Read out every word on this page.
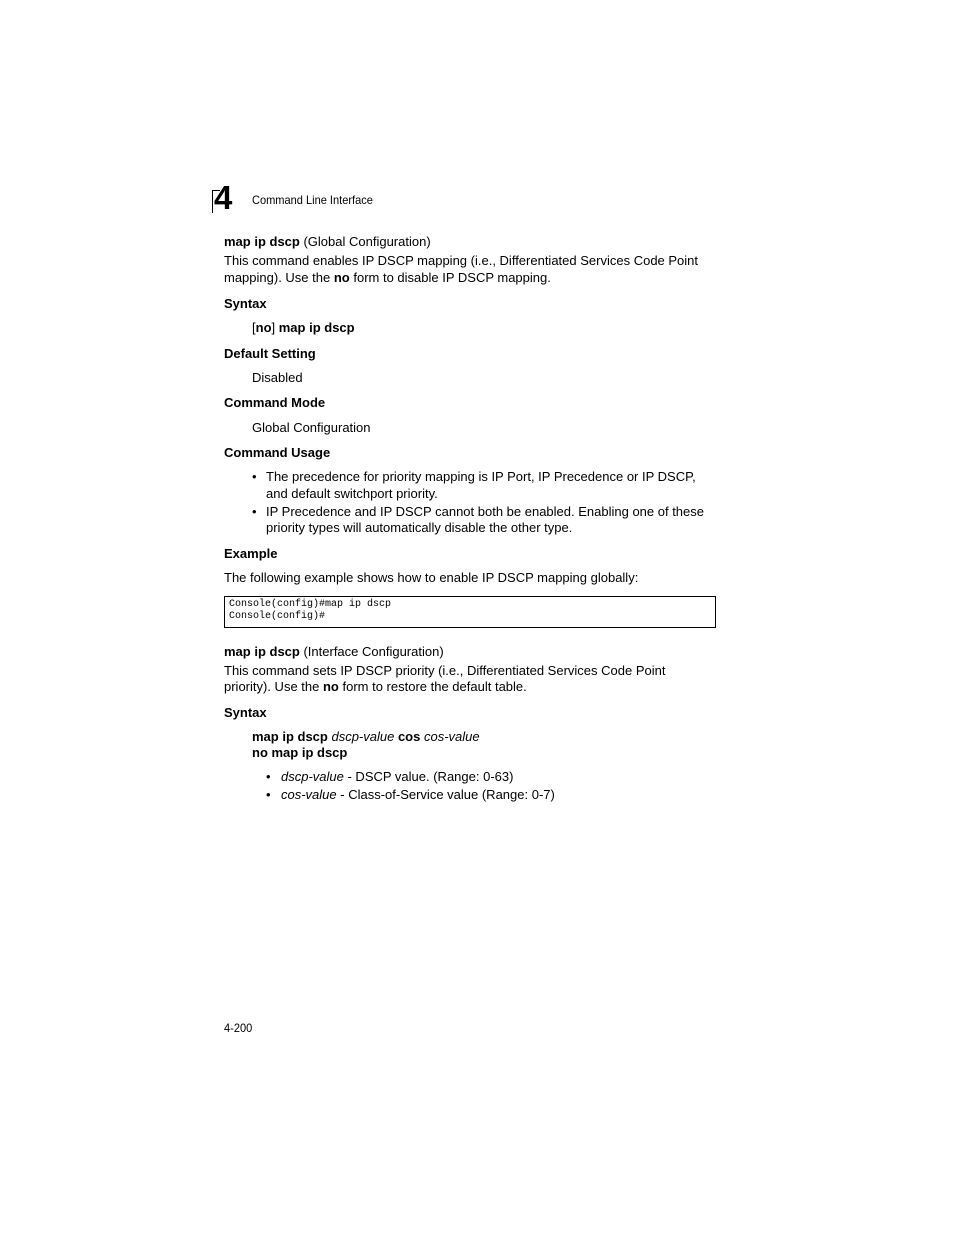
4 Command Line Interface
map ip dscp (Global Configuration)
This command enables IP DSCP mapping (i.e., Differentiated Services Code Point
mapping). Use the no form to disable IP DSCP mapping.
Syntax
[no] map ip dscp
Default Setting
Disabled
Command Mode
Global Configuration
Command Usage
• The precedence for priority mapping is IP Port, IP Precedence or IP DSCP,
and default switchport priority.
• IP Precedence and IP DSCP cannot both be enabled. Enabling one of these
priority types will automatically disable the other type.
Example
The following example shows how to enable IP DSCP mapping globally:
Console(config)#map ip dscp
Console(config)#
map ip dscp (Interface Configuration)
This command sets IP DSCP priority (i.e., Differentiated Services Code Point
priority). Use the no form to restore the default table.
Syntax
map ip dscp dscp-value cos cos-value
no map ip dscp
• dscp-value - DSCP value. (Range: 0-63)
• cos-value - Class-of-Service value (Range: 0-7)
4-200
